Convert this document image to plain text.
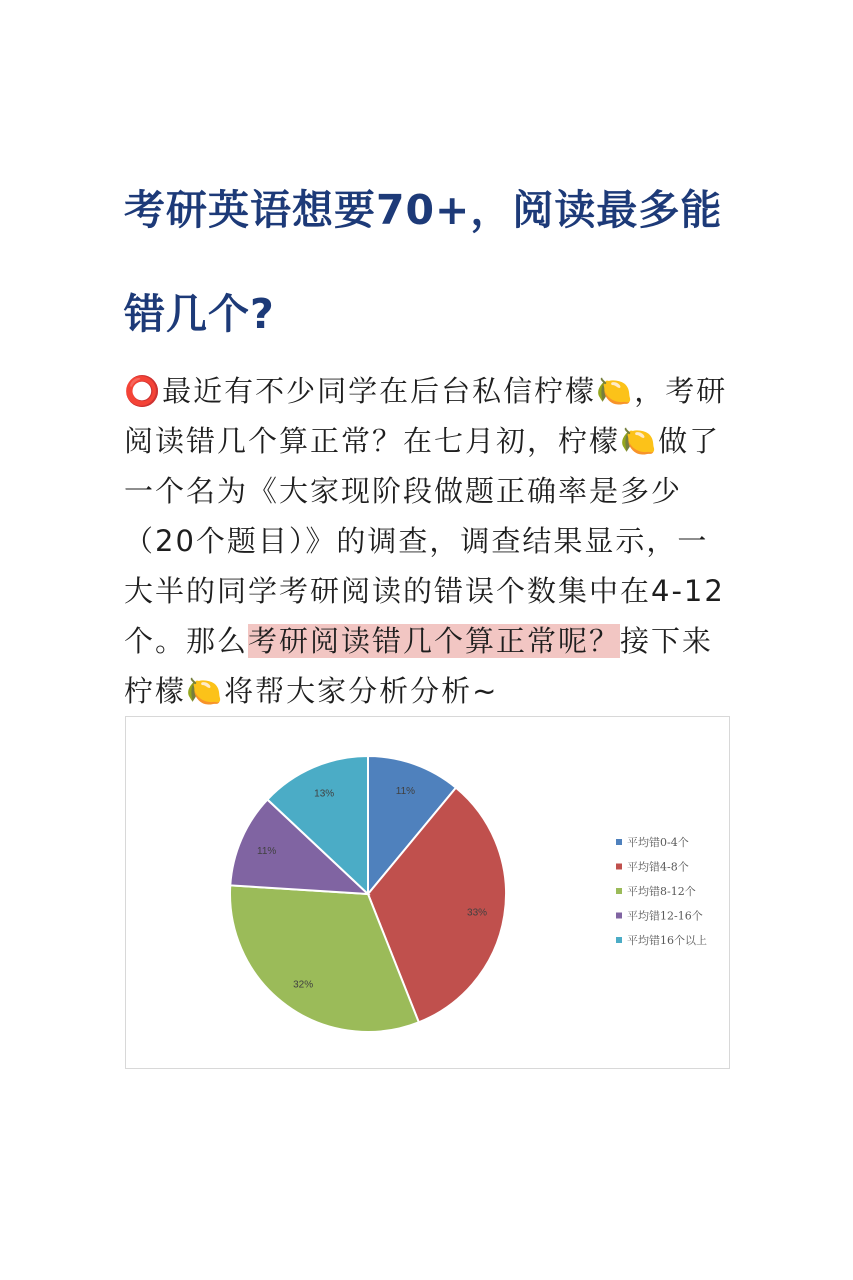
考研英语想要70+，阅读最多能错几个?

⭕最近有不少同学在后台私信柠檬🍋，考研阅读错几个算正常？在七月初，柠檬🍋做了一个名为《大家现阶段做题正确率是多少（20个题目）》的调查，调查结果显示，一大半的同学考研阅读的错误个数集中在4-12个。那么考研阅读错几个算正常呢？接下来柠檬🍋将帮大家分析分析~

11%
33%
32%
11%
13%
平均错0-4个
平均错4-8个
平均错8-12个
平均错12-16个
平均错16个以上
